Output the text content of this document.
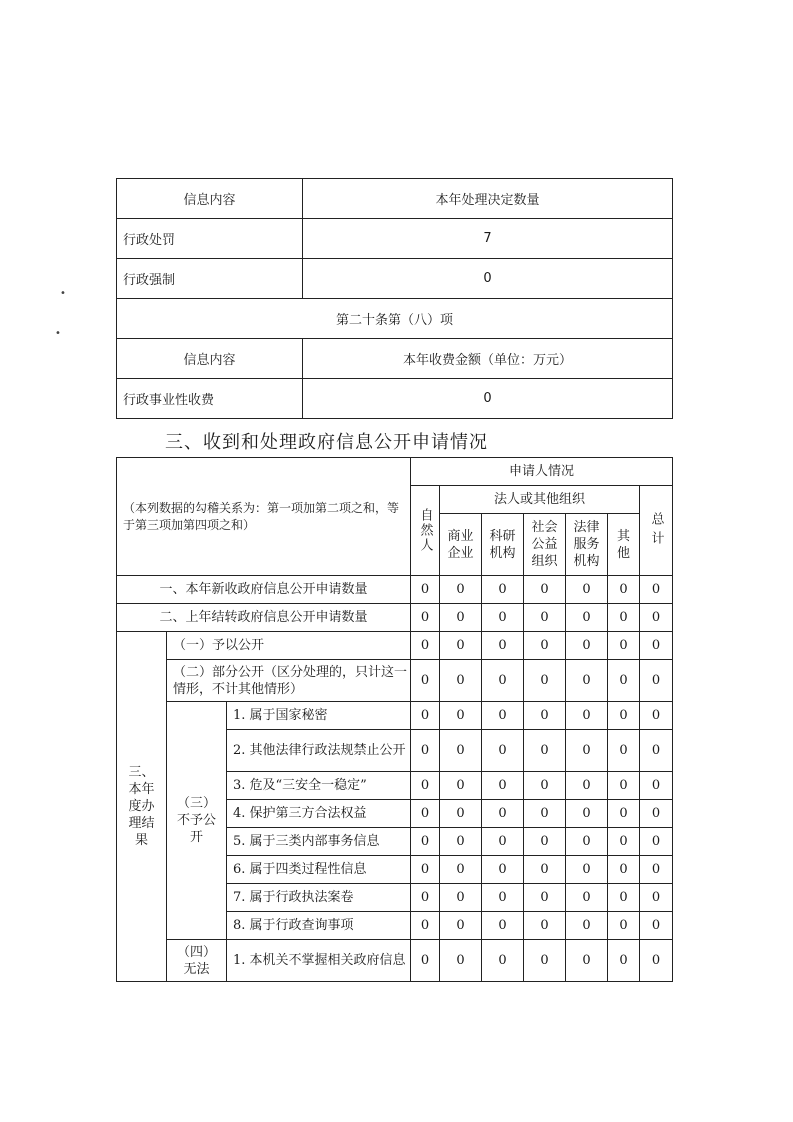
•
•
信息内容	本年处理决定数量
行政处罚	7
行政强制	0
第二十条第（八）项	
信息内容	本年收费金额（单位：万元）
行政事业性收费	0
三、收到和处理政府信息公开申请情况
（本列数据的勾稽关系为：第一项加第二项之和，等于第三项加第四项之和）			申请人情况						
			自然人	法人或其他组织					总计
				商业企业	科研机构	社会公益组织	法律服务机构	其他	
一、本年新收政府信息公开申请数量			0	0	0	0	0	0	0
二、上年结转政府信息公开申请数量			0	0	0	0	0	0	0
三、本年度办理结果	（一）予以公开		0	0	0	0	0	0	0
	（二）部分公开（区分处理的，只计这一情形，不计其他情形）		0	0	0	0	0	0	0
	（三）不予公开	1. 属于国家秘密	0	0	0	0	0	0	0
		2. 其他法律行政法规禁止公开	0	0	0	0	0	0	0
		3. 危及“三安全一稳定”	0	0	0	0	0	0	0
		4. 保护第三方合法权益	0	0	0	0	0	0	0
		5. 属于三类内部事务信息	0	0	0	0	0	0	0
		6. 属于四类过程性信息	0	0	0	0	0	0	0
		7. 属于行政执法案卷	0	0	0	0	0	0	0
		8. 属于行政查询事项	0	0	0	0	0	0	0
	（四）无法	1. 本机关不掌握相关政府信息	0	0	0	0	0	0	0
